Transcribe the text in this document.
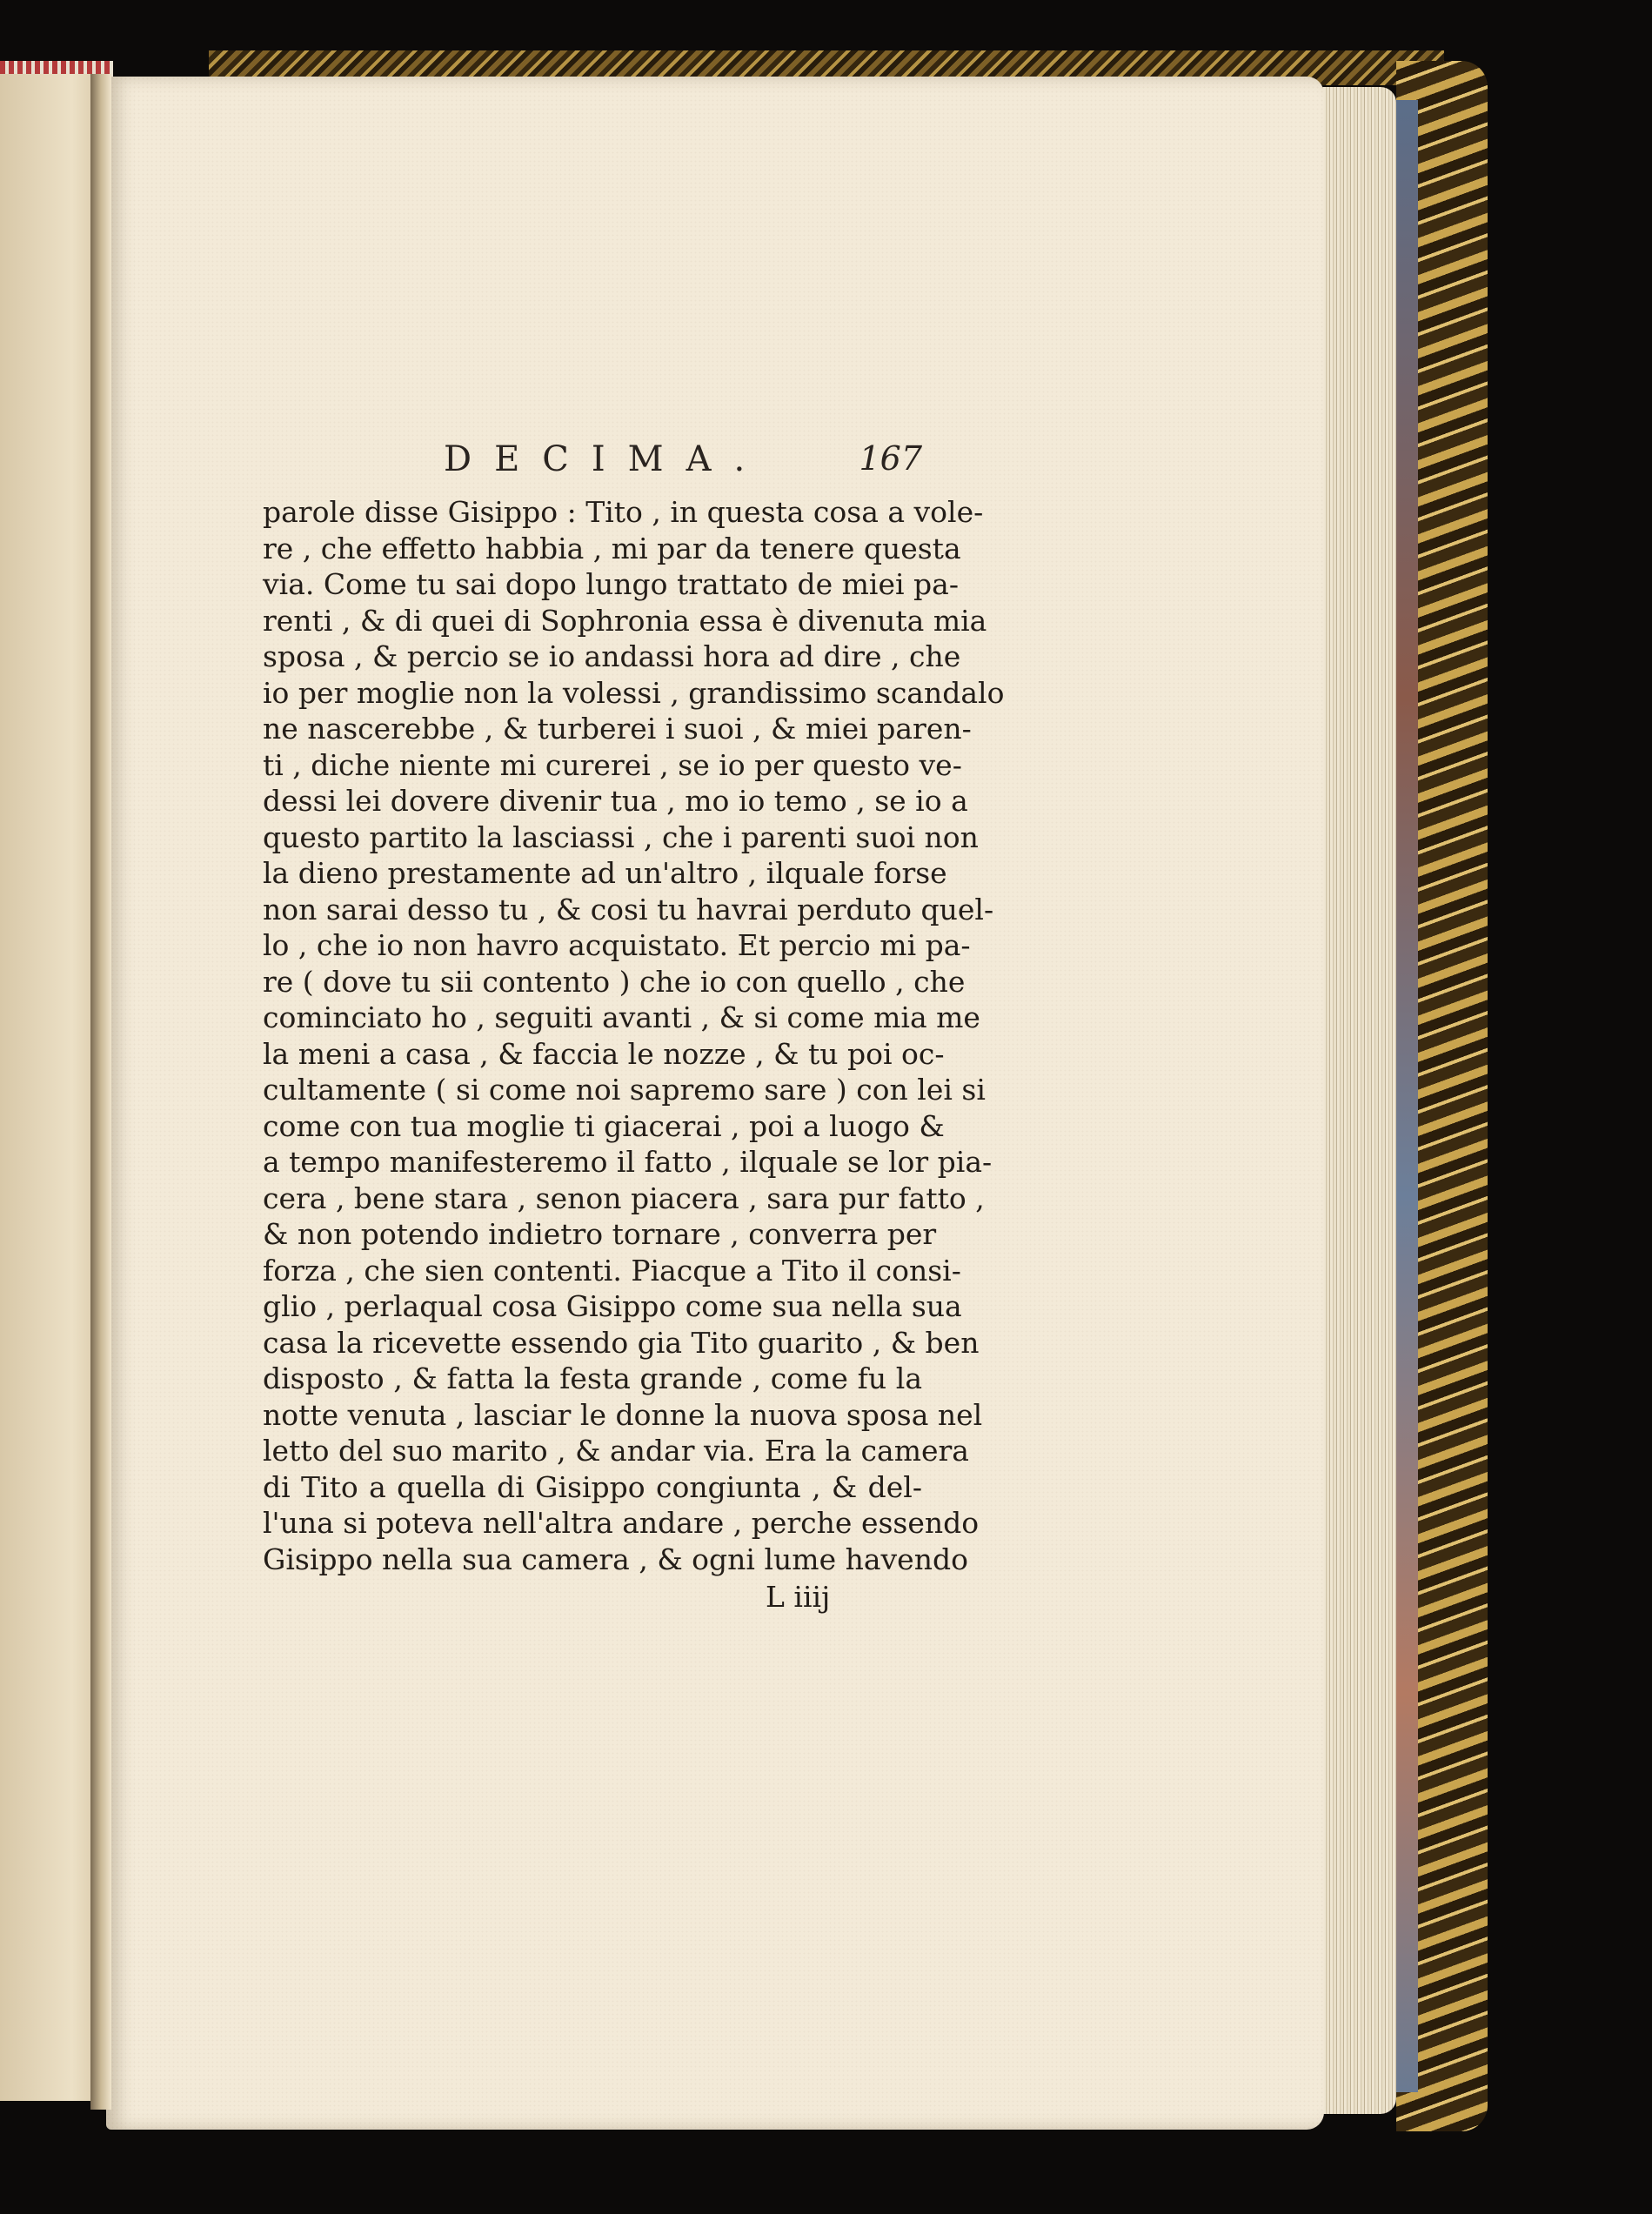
DECIMA.	167
parole disse Gisippo : Tito , in questa cosa a vole-
re , che effetto habbia , mi par da tenere questa
via. Come tu sai dopo lungo trattato de miei pa-
renti , & di quei di Sophronia essa è divenuta mia
sposa , & percio se io andassi hora ad dire , che
io per moglie non la volessi , grandissimo scandalo
ne nascerebbe , & turberei i suoi , & miei paren-
ti , diche niente mi curerei , se io per questo ve-
dessi lei dovere divenir tua , mo io temo , se io a
questo partito la lasciassi , che i parenti suoi non
la dieno prestamente ad un'altro , ilquale forse
non sarai desso tu , & cosi tu havrai perduto quel-
lo , che io non havro acquistato. Et percio mi pa-
re ( dove tu sii contento ) che io con quello , che
cominciato ho , seguiti avanti , & si come mia me
la meni a casa , & faccia le nozze , & tu poi oc-
cultamente ( si come noi sapremo sare ) con lei si
come con tua moglie ti giacerai , poi a luogo &
a tempo manifesteremo il fatto , ilquale se lor pia-
cera , bene stara , senon piacera , sara pur fatto ,
& non potendo indietro tornare , converra per
forza , che sien contenti. Piacque a Tito il consi-
glio , perlaqual cosa Gisippo come sua nella sua
casa la ricevette essendo gia Tito guarito , & ben
disposto , & fatta la festa grande , come fu la
notte venuta , lasciar le donne la nuova sposa nel
letto del suo marito , & andar via. Era la camera
di Tito a quella di Gisippo congiunta , & del-
l'una si poteva nell'altra andare , perche essendo
Gisippo nella sua camera , & ogni lume havendo
L iiij
